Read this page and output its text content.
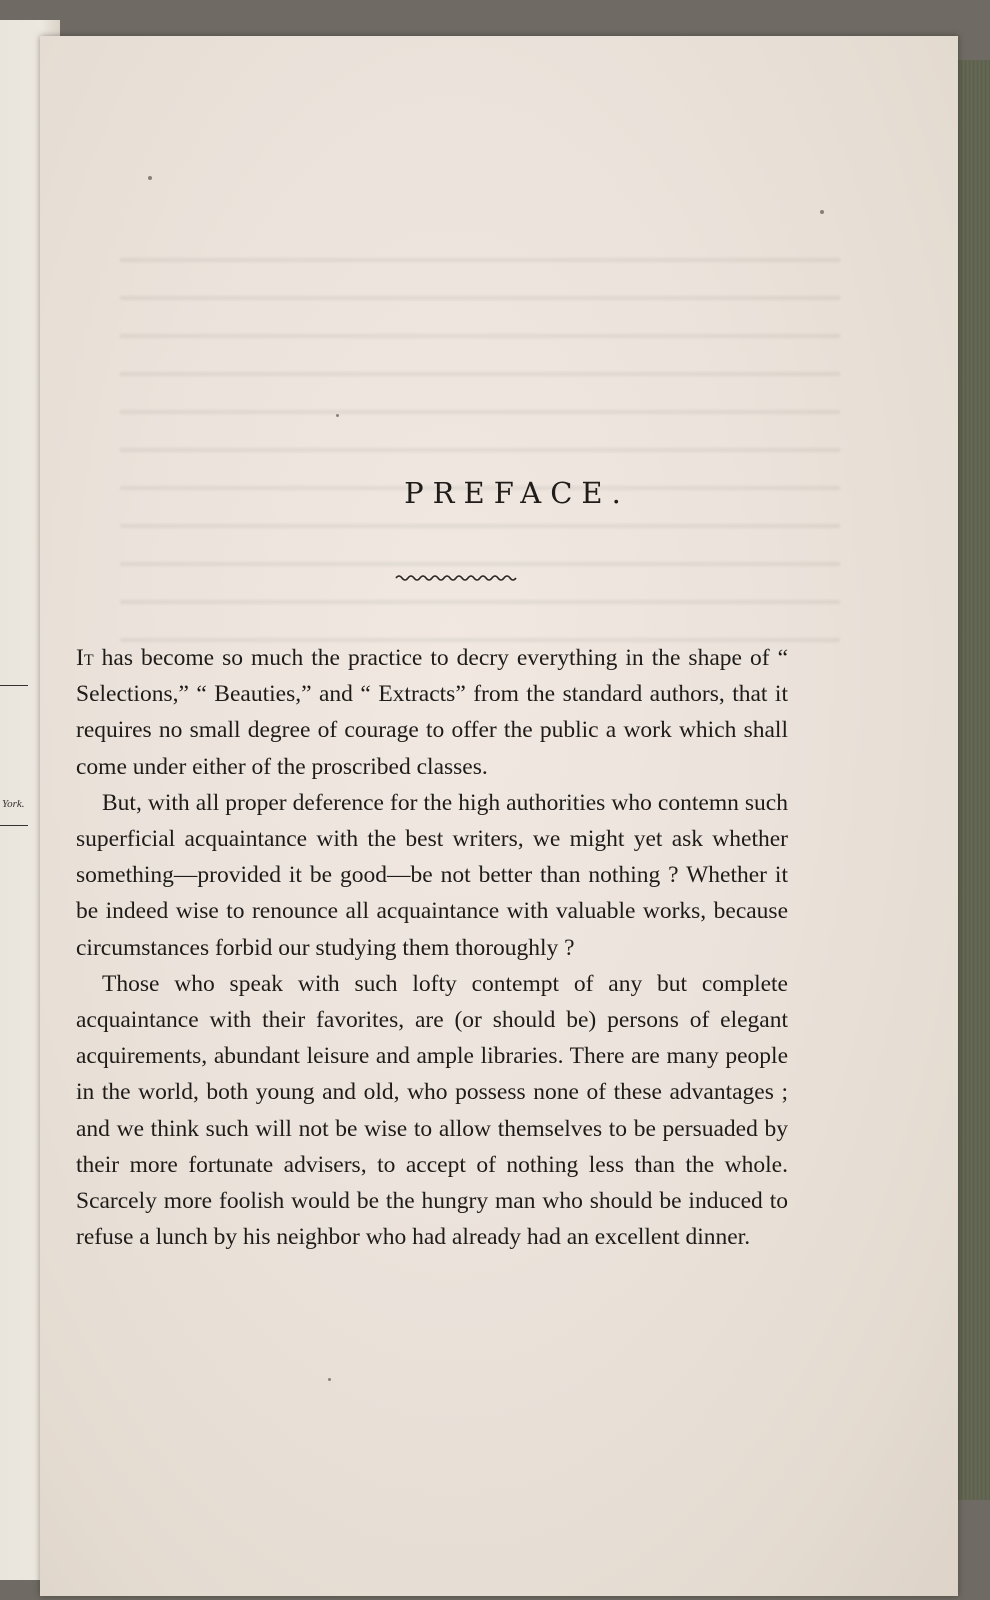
York.
PREFACE.

It has become so much the practice to decry everything in the shape of “ Selections,” “ Beauties,” and “ Extracts” from the standard authors, that it requires no small degree of courage to offer the public a work which shall come under either of the proscribed classes.

But, with all proper deference for the high authorities who contemn such superficial acquaintance with the best writers, we might yet ask whether something—provided it be good—be not better than nothing ? Whether it be indeed wise to renounce all acquaintance with valuable works, because circumstances forbid our studying them thoroughly ?

Those who speak with such lofty contempt of any but complete acquaintance with their favorites, are (or should be) persons of elegant acquirements, abundant leisure and ample libraries. There are many people in the world, both young and old, who possess none of these advantages ; and we think such will not be wise to allow themselves to be persuaded by their more fortunate advisers, to accept of nothing less than the whole. Scarcely more foolish would be the hungry man who should be induced to refuse a lunch by his neighbor who had already had an excellent dinner.
